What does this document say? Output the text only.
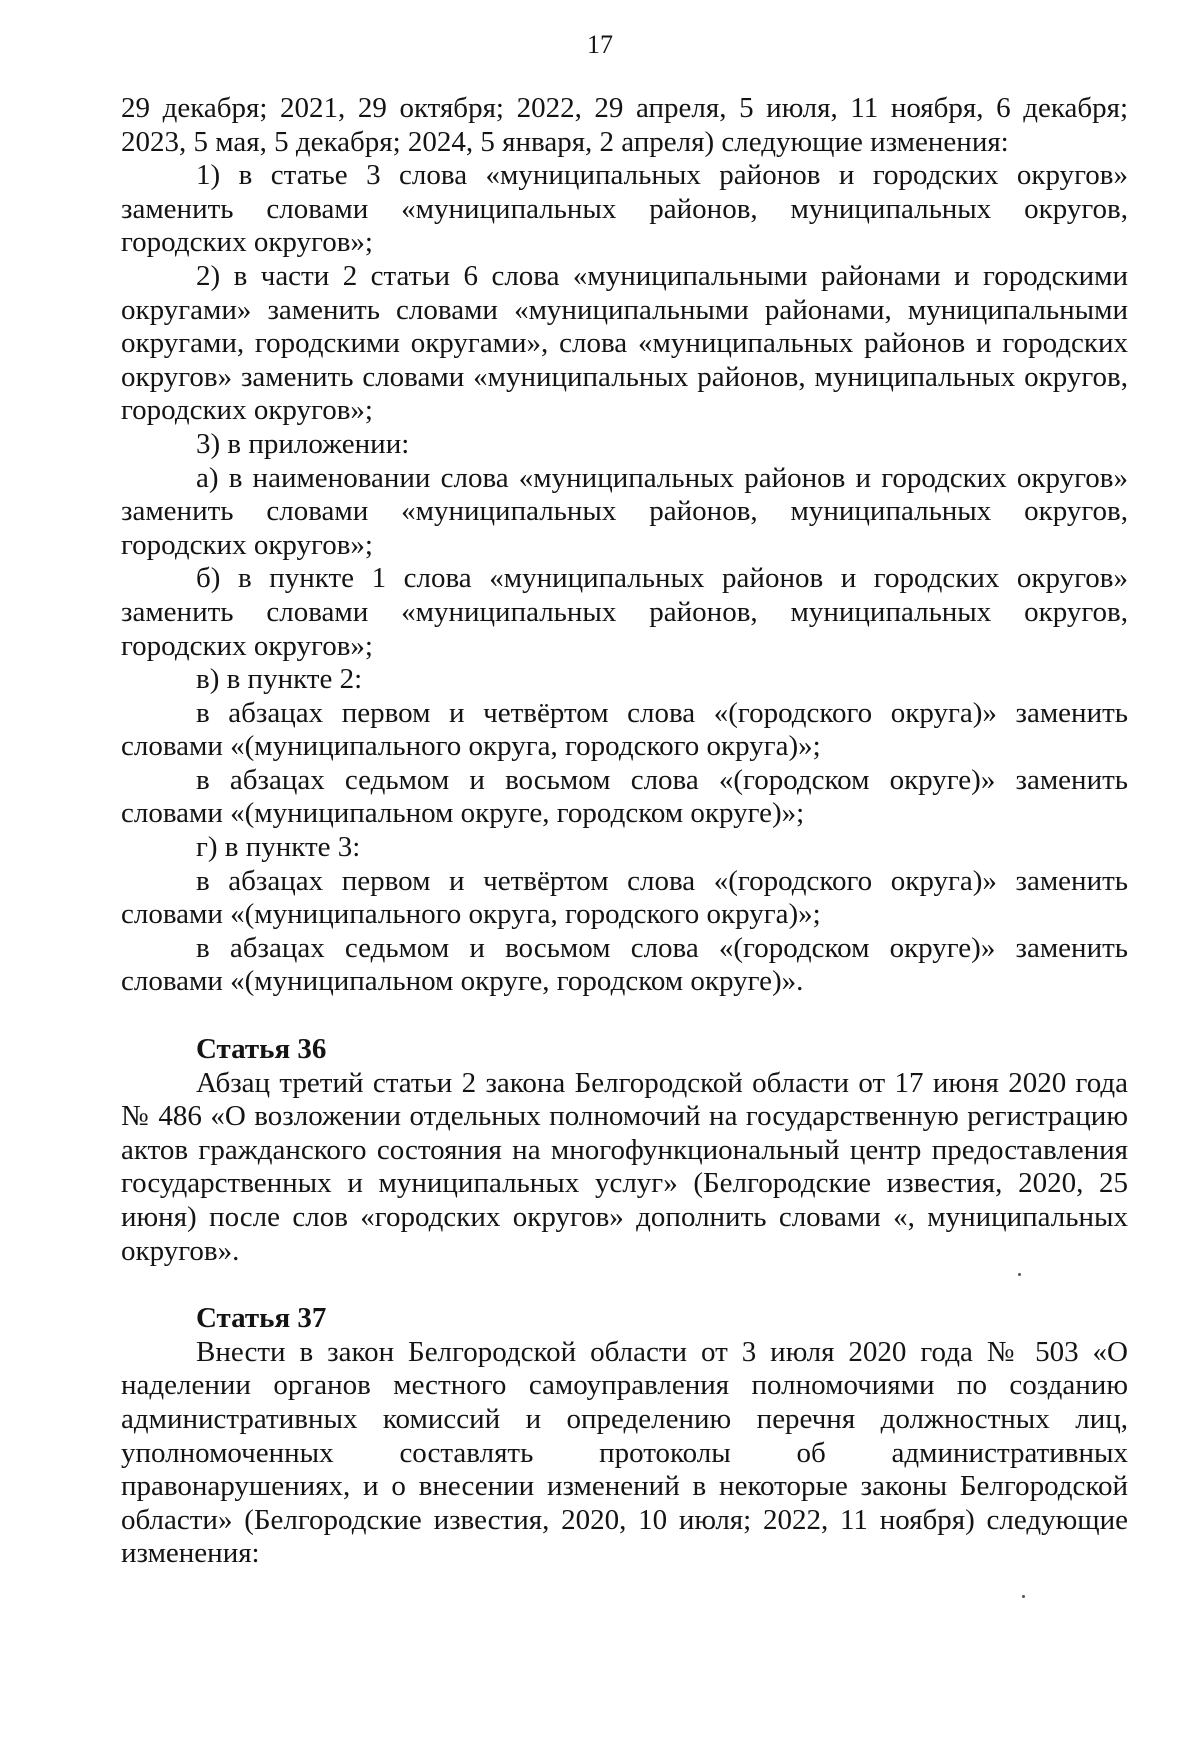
17

29 декабря; 2021, 29 октября; 2022, 29 апреля, 5 июля, 11 ноября, 6 декабря; 2023, 5 мая, 5 декабря; 2024, 5 января, 2 апреля) следующие изменения:

1) в статье 3 слова «муниципальных районов и городских округов» заменить словами «муниципальных районов, муниципальных округов, городских округов»;

2) в части 2 статьи 6 слова «муниципальными районами и городскими округами» заменить словами «муниципальными районами, муниципальными округами, городскими округами», слова «муниципальных районов и городских округов» заменить словами «муниципальных районов, муниципальных округов, городских округов»;

3) в приложении:

а) в наименовании слова «муниципальных районов и городских округов» заменить словами «муниципальных районов, муниципальных округов, городских округов»;

б) в пункте 1 слова «муниципальных районов и городских округов» заменить словами «муниципальных районов, муниципальных округов, городских округов»;

в) в пункте 2:

в абзацах первом и четвёртом слова «(городского округа)» заменить словами «(муниципального округа, городского округа)»;

в абзацах седьмом и восьмом слова «(городском округе)» заменить словами «(муниципальном округе, городском округе)»;

г) в пункте 3:

в абзацах первом и четвёртом слова «(городского округа)» заменить словами «(муниципального округа, городского округа)»;

в абзацах седьмом и восьмом слова «(городском округе)» заменить словами «(муниципальном округе, городском округе)».

Статья 36

Абзац третий статьи 2 закона Белгородской области от 17 июня 2020 года № 486 «О возложении отдельных полномочий на государственную регистрацию актов гражданского состояния на многофункциональный центр предоставления государственных и муниципальных услуг» (Белгородские известия, 2020, 25 июня) после слов «городских округов» дополнить словами «, муниципальных округов».

Статья 37

Внести в закон Белгородской области от 3 июля 2020 года № 503 «О наделении органов местного самоуправления полномочиями по созданию административных комиссий и определению перечня должностных лиц, уполномоченных составлять протоколы об административных правонарушениях, и о внесении изменений в некоторые законы Белгородской области» (Белгородские известия, 2020, 10 июля; 2022, 11 ноября) следующие изменения:
